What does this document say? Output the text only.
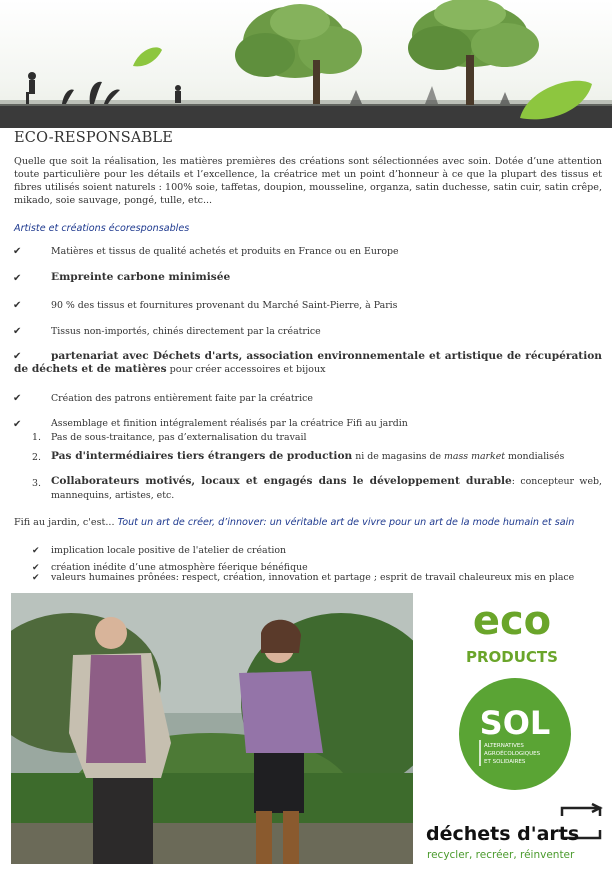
ECO-RESPONSABLE
Quelle que soit la réalisation, les matières premières des créations sont sélectionnées avec soin. Dotée d’une attention toute particulière pour les détails et l’excellence, la créatrice met un point d’honneur à ce que la plupart des tissus et fibres utilisés soient naturels : 100% soie, taffetas, doupion, mousseline, organza, satin duchesse, satin cuir, satin crêpe, mikado, soie sauvage, pongé, tulle, etc...
Artiste et créations écoresponsables
✔	Matières et tissus de qualité achetés et produits en France ou en Europe
✔	Empreinte carbone minimisée
✔	90 % des tissus et fournitures provenant du Marché Saint-Pierre, à Paris
✔	Tissus non-importés, chinés directement par la créatrice
✔	partenariat avec Déchets d'arts, association environnementale et artistique de récupération de déchets et de matières pour créer accessoires et bijoux
✔	Création des patrons entièrement faite par la créatrice
✔	Assemblage et finition intégralement réalisés par la créatrice Fifi au jardin
1. Pas de sous-traitance, pas d’externalisation du travail
2. Pas d'intermédiaires tiers étrangers de production ni de magasins de mass market mondialisés
3. Collaborateurs motivés, locaux et engagés dans le développement durable: concepteur web, mannequins, artistes, etc.
Fifi au jardin, c'est... Tout un art de créer, d’innover: un véritable art de vivre pour un art de la mode humain et sain
✔ implication locale positive de l'atelier de création
✔ création inédite d’une atmosphère féerique bénéfique
✔ valeurs humaines prônées: respect, création, innovation et partage ; esprit de travail chaleureux mis en place
eco
PRODUCTS
SOL
ALTERNATIVES
AGROÉCOLOGIQUES
ET SOLIDAIRES
déchets d'arts
recycler, recréer, réinventer
